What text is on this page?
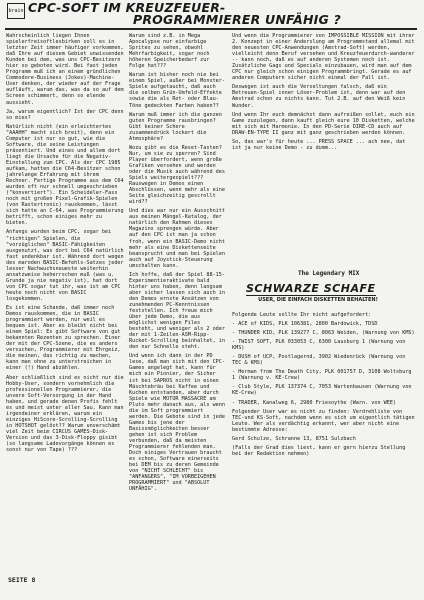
brain CPC-SOFT IM KREUZFEUER-
PROGRAMMIERER UNFÄHIG ?

Wahrscheinlich liegen Ihnen spielerfreisoftlesbirken soll es in letzter Zeit immer häufiger vorkommen, daß Ihre auf diesem Gebiet unwissenden Kunden bei dem, was uns CPC-Besitzern hier so geboten wird. Bei fast jeden Programm muß ich an einem gründlichen Commodore-Business (Jokes)-Machine-User denken, der wieder auf der Frage aufläuft, warum das, was da so auf dem Screen schimmert, denn so elende aussieht.

Ja, warum eigentlich? Ist der CPC denn so mies?

Natürlich nicht (ein erleichtertes "AAAHH" macht sich breit), denn ein Computer ist nur so gut, wie die Software, die seine Leistungen präsentiert. Und eines und allem dort liegt die Ursache für die Negativ-Einstellung zum CPC. Als der CPC 1985 aufkam, hatten die C64-Besitzer schon jahrelange Erfahrung mit ihrem Rechner. Fertige Programme aus dem C64 wurden oft nur schnell umgeschrieben ("konvertiert"). Ein Scheideler-Fass noch mit großen Pixel-Grafik-Spielen (von Rastertronic) rauskommen, lässt sich hatte an C-64, was Programmierung betrifft, schon einiges mehr zu bieten.

Anfangs wurden beim CPC, sogar bei "richtigen" Spielen, die "vorzüglichen" BASIC-Fähigkeiten ausgenutzt, was dort bei C64 natürlich fast undenkbar ist. Während dort wegen des maroden BASIC-Befehls-Satzes jeder lesser Nachwuchsneueste weiterhin ansatzweise beherrschen muß (was u. Grunde ja nie negativ ist), hat dort von CPC sogar tut ihr, was ist am CPC heute noch nicht von BASIC losgekommen.

Es ist eine Schande, daß immer noch Demos rauskommen, die in BASIC programmiert werden, nur weil es bequem ist. Aber es bleibt nicht bei einem Spiel: Es gibt Software von gut bekannten Rezenten zu sprechen. Einer der mit der CPC-Szene, die es anders versuchen, Programmierer mit Ehrgeiz, die meinen, das richtig zu machen, kann man ohne zu unterstreichen in einer (!) Hand abzählen.

Aber schließlich sind es nicht nur die Hobby-User, sondern vornehmlich die professionellen Programmierer, die unsere Soft-Versorgung in der Hand haben, und gerade denen Profis fehlt es und meist unter aller Sau. Kann man irgendeiner erklären, warum ein einziges HiScore-Scrolling-Scrolling in HOTSHOT gelöst?? Warum unverschämt viel Zeit beim CIRCUS GAMES-Disk-Version und das 3-Disk-Floppy gisibt (so langsame Ladevorgänge können es sonst nur von Tape) ???

Warum sind z.B. in Mega Apocalypse nur einfarbige Sprites zu sehen, obwohl Mehrfarbigkeit, sogar noch höheren Speicherbedarf zur Folge hat???

Warum ist bisher noch nie bei einem Spiel, außer bei Monster-Spiele aufgetaucht, daß auch die selben Grün-Umfeld-Effekte sowie die als Rot- oder Blau-Töne gedeckten Farben haben??

Warum muß immer ich die ganzen guten Programme rausbringen? Gibt keiner Schere zusammendrück lockert die Atmosphäre?

Wozu gibt es die Reset-Tasten? Nur, um sie zu sperren? Sind Player überfordert, wenn große Grafiken versehen und werden oder die Musik auch während des Spiels weitergespielt??? Rauswegen in Demos einen Abschlüssen, wenn mehr als eine Seite gleichzeitig gescrollt wird??

Und dies war nur ein Ausschnitt aus meinen Mängel-Katalog, der natürlich den Rahmen dieses Magazins sprengen würde. Aber auf den CPC ist man ja schon froh, wenn ein BASIC-Demo nicht mehr als eine Diskettenseite beansprucht und man bei Spielen auch auf Joystick-Steuerung umschalten kann.

Ich hoffe, daß der Spiel 88-15-Experimentieraktivate bald hinter uns haben, denn langsam aber sicher lassen sich auch in den Demos ernste Ansätzen von zunehmenden PC-Kenntnissen feststellen. Ich freue mich über jede Demo, die aus möglichst wenigen Files besteht, und weniger als 2 oder der mit 1-Zeilen-ASM-Ripp-Rucket-Scrolling beinhaltet, in den nur Schnelle steht.

Und wenn ich dann in der PD lese, daß man sich mit den CPC-Games angelegt hat, kann für mich ein Pionier, der Sicher ist bei SAPROS nicht in einen Mäschtebräu bei Kaffee und Kuchen entstanden, aber durch Spiele wie MOTOR MASSACRE am Pluto mehr danach aus, als wenn die im Soft programmiert werden. Die Gebote sind in jede Games bis jene der Basissmöglichkeiten besser gehen ist sich Problem verbunden, daß da meisten Programmierer fehlenden man. Doch einiges Vertrauen braucht es schon, Software einerseits bei DEM bis zu deren Gemeinde von "NICHT SCHLECHT" bis "ANFANGERS", "IM VORBEIGEHEN PROGRAMMIERT" und "ABSOLUT UNFÄHIG".

Und wenn die Programmierer von IMPOSSIBLE MISSION mit ihrer 2. Konzept in einer Anderslung am Programmstand allemal mit den neuesten CPC-Anwendungen (Amstrad-Soft) werden, vielleicht denn Beruf versehen und Kreuzfeuerdurch-wanderer -- kann noch, daß es auf anderen Systemen noch ist. Zusätzliche Gags und Specials einzubauen, wird man auf dem CPC nur gleich schon einigen Programmbringt. Gerade es auf anderen Computern sicher nicht einmal der Fall ist.

Deswegen ist auch die Verseltungen falsch, daß ein Betreuen-Spiel inner Löser-Problem ist, denn war auf den Amstrad schon zu nichts kann. Tut 2.B. auf den Weiß kein Wunder.

Und wenn Ihr euch demnächst dann aufreißen sollet, euch ein Game zuzulegen, dann kauft gleich eure 10 Disketten, welche mit sich mit Harmonie. In den PD-Serie DIRE-CD auch auf DRAW-EN-TYPE II ganz mit ganz geschrieben werden können.

So, das war's für heute ... PRESS SPACE ... ach nee, dat ist ja nur keine Demo - zu dumm...

The Legendary MIX
SCHWARZE SCHAFE
USER, DIE EINFACH DISKETTEN BEHALTEN!

Folgende Leute sollte Ihr nicht aufgefordert:

- ACE of KIDS, PLK 106381, 2800 Bardowick, TDSD

- THUNDER KID, PLK 139277 C, 8063 Weiden, (Warnung von KMS)

- TWIST SOFT, PLK 033053 C, 6300 Lausburg 1 (Warnung von KMS)

- DUSH of UCP, Postlagernd, 3902 Wiedenrück (Warnung von TEC & KMS)

- Herman from The Death City, PLK 001757 D, 3108 Woltsburg 1 (Warnung v. KE-Crew)

- Club Style, PLK 137374 C, 7053 Wartenbausen (Warnung von KE-Crew)

- TRADER, Kanalweg 6, 2980 Friesoythe (Warn. von WEE)

Folgender User war es nicht zu finden: Verdrehliste von TEC-und KS-Soft, nachdem wenn es sich um eigentlich tätigen Leute. Wer als verdächtig erkannt, wer aber nicht eine bestimmte Adresse:

Gerd Schulze, Schranne 13, 8751 Sulzbach

(Falls der Grad dies liest, kann er gern hierzu Stellung bei der Redaktion nehmen)

SEITE 8
